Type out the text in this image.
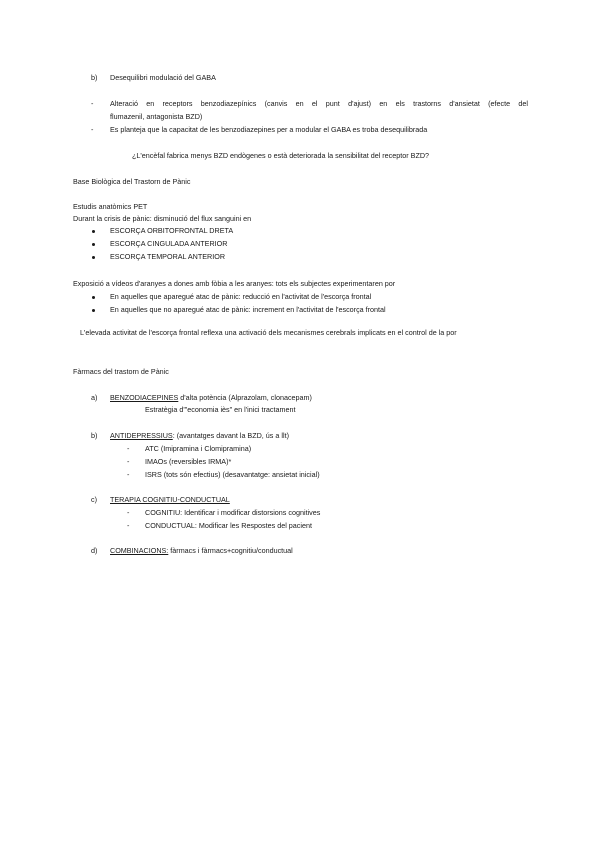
b) Desequilibri modulació del GABA
- Alteració en receptors benzodiazepínics (canvis en el punt d'ajust) en els trastorns d'ansietat (efecte del
flumazenil, antagonista BZD)
- Es planteja que la capacitat de les benzodiazepines per a modular el GABA es troba desequilibrada
¿L'encèfal fabrica menys BZD endògenes o està deteriorada la sensibilitat del receptor BZD?
Base Biològica del Trastorn de Pànic
Estudis anatòmics PET
Durant la crisis de pànic: disminució del flux sanguini en
ESCORÇA ORBITOFRONTAL DRETA
ESCORÇA CINGULADA ANTERIOR
ESCORÇA TEMPORAL ANTERIOR
Exposició a vídeos d'aranyes a dones amb fòbia a les aranyes: tots els subjectes experimentaren por
En aquelles que aparegué atac de pànic: reducció en l'activitat de l'escorça frontal
En aquelles que no aparegué atac de pànic: increment en l'activitat de l'escorça frontal
L'elevada activitat de l'escorça frontal reflexa una activació dels mecanismes cerebrals implicats en el control de la por
Fàrmacs del trastorn de Pànic
a) BENZODIACEPINES d'alta potència (Alprazolam, clonacepam)
Estratègia d'"economia iès" en l'inici tractament
b) ANTIDEPRESSIUS: (avantatges davant la BZD, ús a llt)
- ATC (Imipramina i Clomipramina)
- IMAOs (reversibles IRMA)*
- ISRS (tots són efectius) (desavantatge: ansietat inicial)
c) TERAPIA COGNITIU-CONDUCTUAL
- COGNITIU: Identificar i modificar distorsions cognitives
- CONDUCTUAL: Modificar les Respostes del pacient
d) COMBINACIONS: fàrmacs i fàrmacs+cognitiu/conductual
